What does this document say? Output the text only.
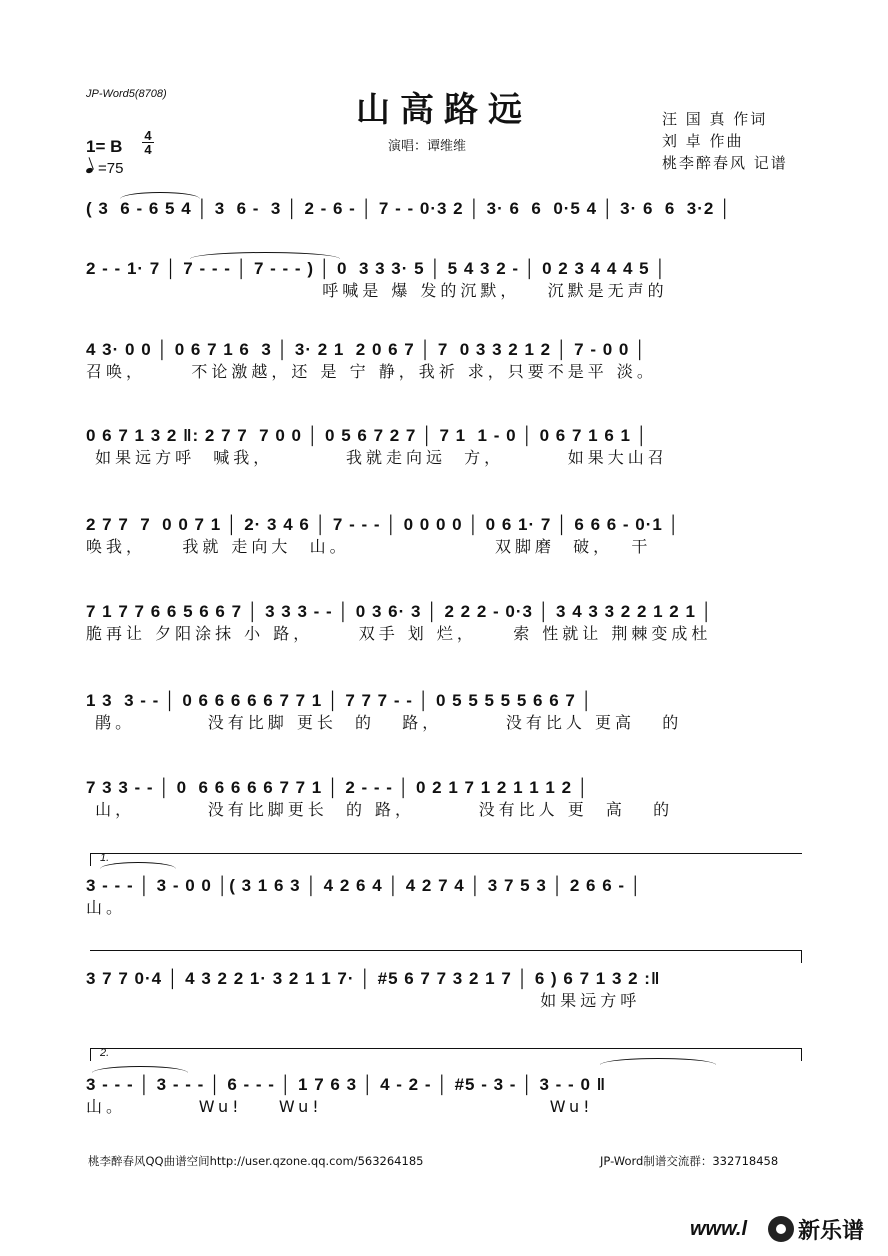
JP-Word5(8708)	山高路远
演唱：谭维维
汪 国 真 作词
刘 卓 作曲
桃李醉春风 记谱
1= B
4
4
=75
( 3  6 - 6 5 4 │ 3  6 -  3 │ 2 - 6 - │ 7 - - 0·3 2 │ 3· 6  6  0·5 4 │ 3· 6  6  3·2 │
2 - - 1· 7 │ 7 - - - │ 7 - - - ) │ 0  3 3 3· 5 │ 5 4 3 2 - │ 0 2 3 4 4 4 5 │
呼喊是 爆 发的沉默，   沉默是无声的
4 3· 0 0 │ 0 6 7 1 6  3 │ 3· 2 1  2 0 6 7 │ 7  0 3 3 2 1 2 │ 7 - 0 0 │
召唤，     不论激越，还 是 宁 静，我祈 求，只要不是平 淡。
0 6 7 1 3 2 ‖: 2 7 7  7 0 0 │ 0 5 6 7 2 7 │ 7 1  1 - 0 │ 0 6 7 1 6 1 │
如果远方呼  喊我，        我就走向远  方，       如果大山召
2 7 7  7  0 0 7 1 │ 2· 3 4 6 │ 7 - - - │ 0 0 0 0 │ 0 6 1· 7 │ 6 6 6 - 0·1 │
唤我，    我就 走向大  山。                双脚磨  破，  干
7 1 7 7 6 6 5 6 6 7 │ 3 3 3 - - │ 0 3 6· 3 │ 2 2 2 - 0·3 │ 3 4 3 3 2 2 1 2 1 │
脆再让 夕阳涂抹 小 路，     双手 划 烂，    索 性就让 荆棘变成杜
1 3  3 - - │ 0 6 6 6 6 6 7 7 1 │ 7 7 7 - - │ 0 5 5 5 5 5 6 6 7 │
鹃。        没有比脚 更长  的   路，       没有比人 更高   的
7 3 3 - - │ 0  6 6 6 6 6 7 7 1 │ 2 - - - │ 0 2 1 7 1 2 1 1 1 2 │
山，        没有比脚更长  的 路，       没有比人 更  高   的
1.
3 - - - │ 3 - 0 0 │( 3 1 6 3 │ 4 2 6 4 │ 4 2 7 4 │ 3 7 5 3 │ 2 6 6 - │
山。
3 7 7 0·4 │ 4 3 2 2 1· 3 2 1 1 7· │ #5 6 7 7 3 2 1 7 │ 6 ) 6 7 1 3 2 :‖
如果远方呼
2.
3 - - - │ 3 - - - │ 6 - - - │ 1 7 6 3 │ 4 - 2 - │ #5 - 3 - │ 3 - - 0 ‖
山。        Wu!    Wu!                         Wu!
桃李醉春风QQ曲谱空间http://user.qzone.qq.com/563264185	JP-Word制谱交流群：332718458
www.l 新乐谱
